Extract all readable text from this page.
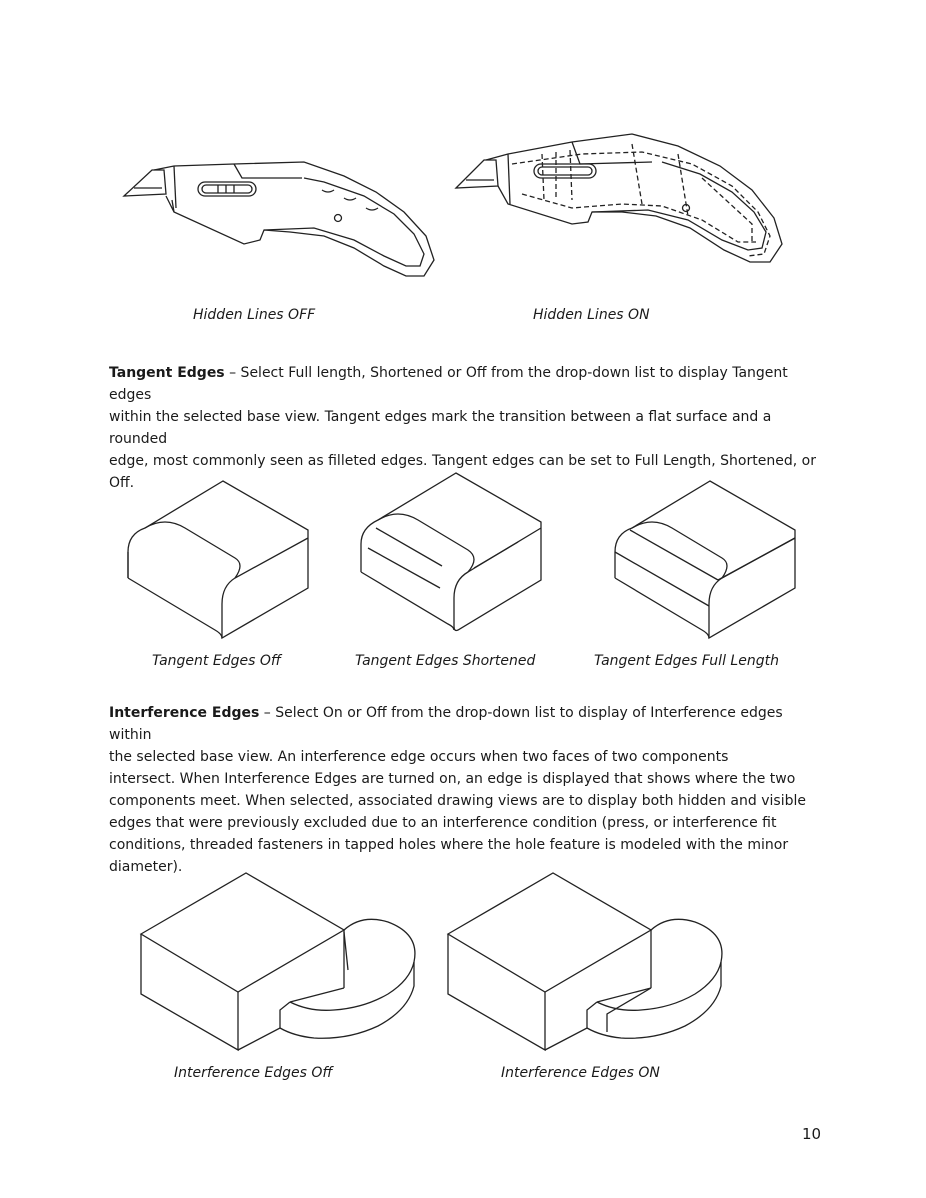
Hidden Lines OFF	Hidden Lines ON
Tangent Edges – Select Full length, Shortened or Off from the drop-down list to display Tangent edges
within the selected base view. Tangent edges mark the transition between a flat surface and a rounded
edge, most commonly seen as filleted edges. Tangent edges can be set to Full Length, Shortened, or Off.
Tangent Edges Off	Tangent Edges Shortened	Tangent Edges Full Length
Interference Edges – Select On or Off from the drop-down list to display of Interference edges within
the selected base view. An interference edge occurs when two faces of two components
intersect. When Interference Edges are turned on, an edge is displayed that shows where the two
components meet. When selected, associated drawing views are to display both hidden and visible
edges that were previously excluded due to an interference condition (press, or interference fit
conditions, threaded fasteners in tapped holes where the hole feature is modeled with the minor
diameter).
Interference Edges Off	Interference Edges ON
10
